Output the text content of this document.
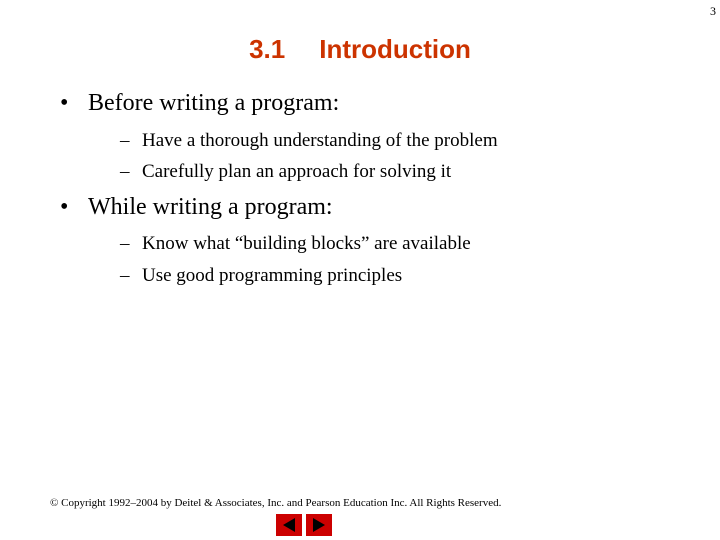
3
3.1 Introduction
• Before writing a program:
– Have a thorough understanding of the problem
– Carefully plan an approach for solving it
• While writing a program:
– Know what “building blocks” are available
– Use good programming principles
© Copyright 1992–2004 by Deitel & Associates, Inc. and Pearson Education Inc. All Rights Reserved.
